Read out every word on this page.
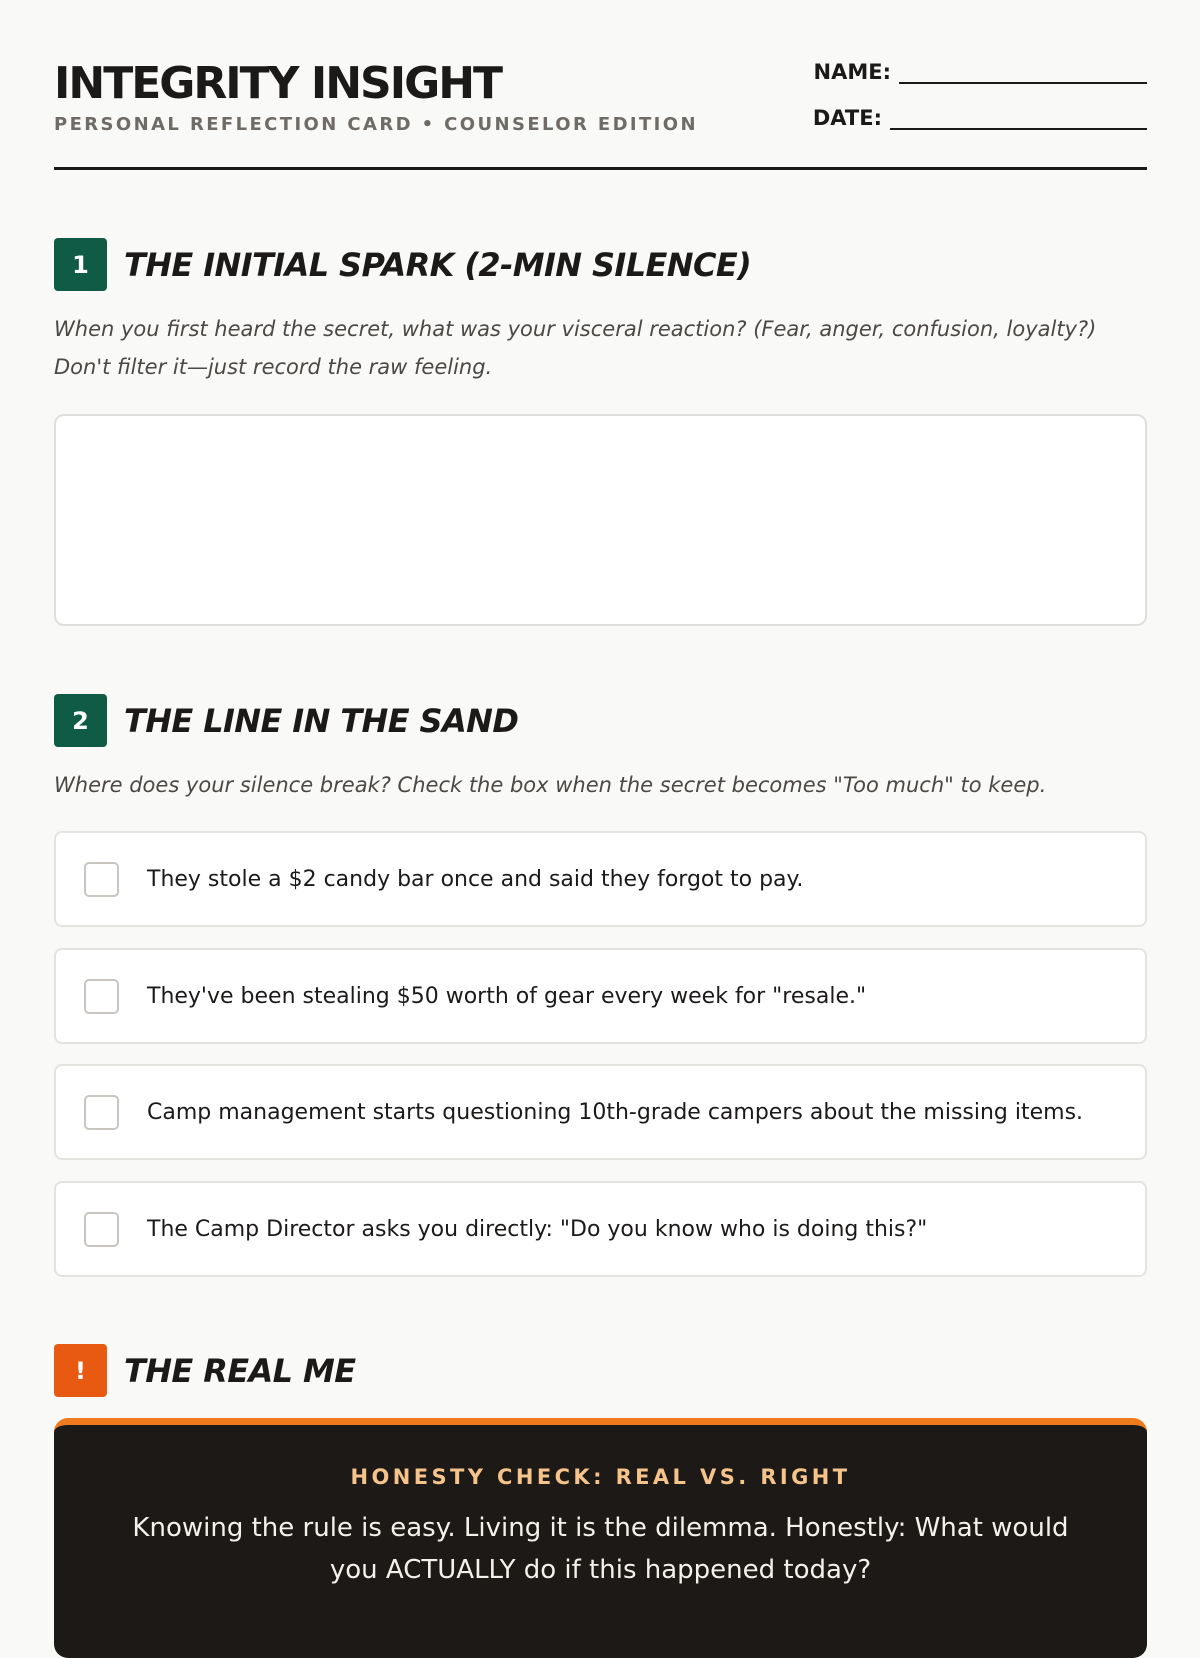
INTEGRITY INSIGHT
PERSONAL REFLECTION CARD • COUNSELOR EDITION
NAME:
DATE:
1	THE INITIAL SPARK (2-MIN SILENCE)
When you first heard the secret, what was your visceral reaction? (Fear, anger, confusion, loyalty?) Don't filter it—just record the raw feeling.
2	THE LINE IN THE SAND
Where does your silence break? Check the box when the secret becomes "Too much" to keep.
They stole a $2 candy bar once and said they forgot to pay.
They've been stealing $50 worth of gear every week for "resale."
Camp management starts questioning 10th-grade campers about the missing items.
The Camp Director asks you directly: "Do you know who is doing this?"
!	THE REAL ME
HONESTY CHECK: REAL VS. RIGHT
Knowing the rule is easy. Living it is the dilemma. Honestly: What would you ACTUALLY do if this happened today?
